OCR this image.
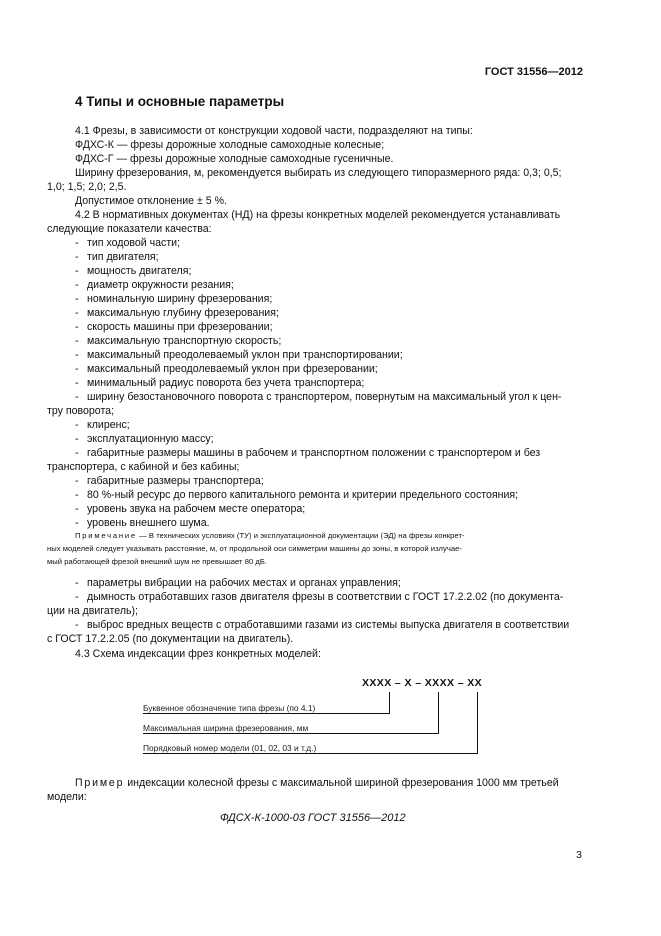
ГОСТ 31556—2012
4 Типы и основные параметры
4.1 Фрезы, в зависимости от конструкции ходовой части, подразделяют на типы:
ФДХС-К — фрезы дорожные холодные самоходные колесные;
ФДХС-Г — фрезы дорожные холодные самоходные гусеничные.
Ширину фрезерования, м, рекомендуется выбирать из следующего типоразмерного ряда: 0,3; 0,5;
1,0; 1,5; 2,0; 2,5.
Допустимое отклонение ± 5 %.
4.2 В нормативных документах (НД) на фрезы конкретных моделей рекомендуется устанавливать
следующие показатели качества:
- тип ходовой части;
- тип двигателя;
- мощность двигателя;
- диаметр окружности резания;
- номинальную ширину фрезерования;
- максимальную глубину фрезерования;
- скорость машины при фрезеровании;
- максимальную транспортную скорость;
- максимальный преодолеваемый уклон при транспортировании;
- максимальный преодолеваемый уклон при фрезеровании;
- минимальный радиус поворота без учета транспортера;
- ширину безостановочного поворота с транспортером, повернутым на максимальный угол к цен-
- клиренс;
- эксплуатационную массу;
- габаритные размеры машины в рабочем и транспортном положении с транспортером и без
- габаритные размеры транспортера;
- 80 %-ный ресурс до первого капитального ремонта и критерии предельного состояния;
- уровень звука на рабочем месте оператора;
- уровень внешнего шума.
тру поворота;
транспортера, с кабиной и без кабины;
Примечание — В технических условиях (ТУ) и эксплуатационной документации (ЭД) на фрезы конкрет-
ных моделей следует указывать расстояние, м, от продольной оси симметрии машины до зоны, в которой излучае-
мый работающей фрезой внешний шум не превышает 80 дБ.
- параметры вибрации на рабочих местах и органах управления;
- дымность отработавших газов двигателя фрезы в соответствии с ГОСТ 17.2.2.02 (по документа-
ции на двигатель);
- выброс вредных веществ с отработавшими газами из системы выпуска двигателя в соответствии
с ГОСТ 17.2.2.05 (по документации на двигатель).
4.3 Схема индексации фрез конкретных моделей:
XXXX – X – XXXX – XX
Буквенное обозначение типа фрезы (по 4.1)
Максимальная ширина фрезерования, мм
Порядковый номер модели (01, 02, 03 и т.д.)
Пример индексации колесной фрезы с максимальной шириной фрезерования 1000 мм третьей
модели:
ФДСХ-К-1000-03 ГОСТ 31556—2012
3
